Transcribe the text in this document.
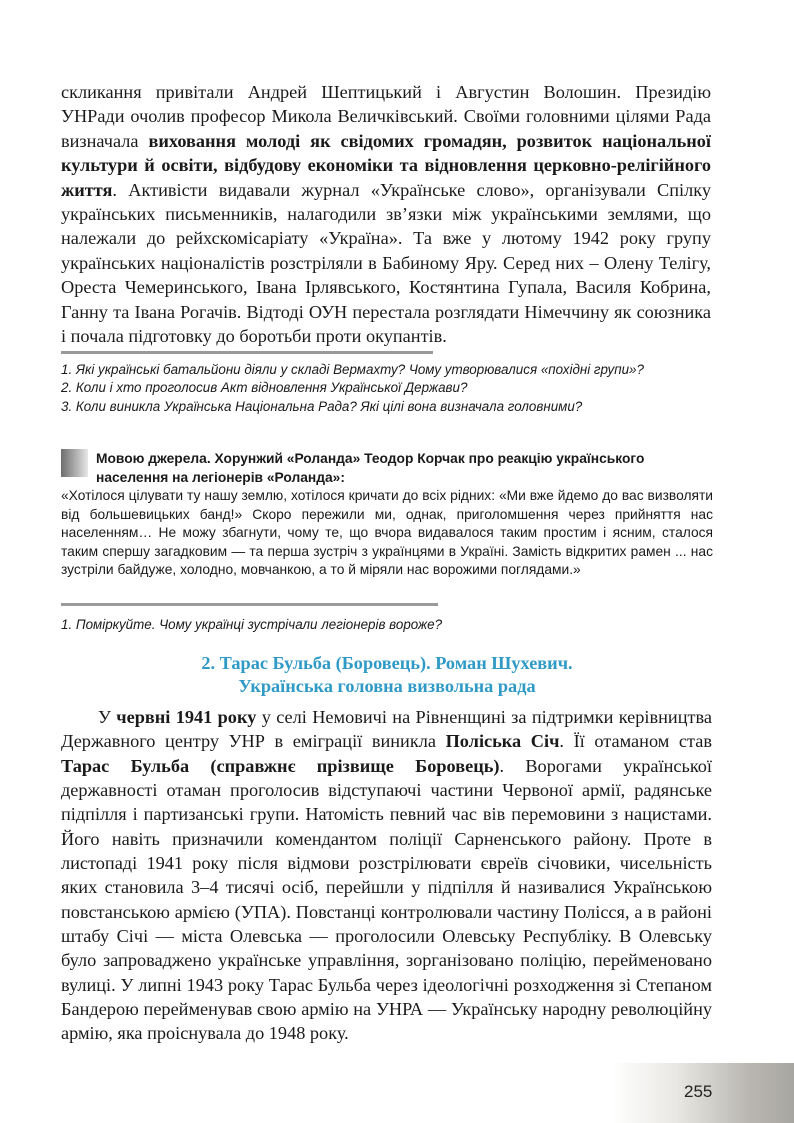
скликання привітали Андрей Шептицький і Августин Волошин. Президію УНРади очолив професор Микола Величківський. Своїми головними цілями Рада визначала виховання молоді як свідомих громадян, розвиток національної культури й освіти, відбудову економіки та відновлення церковно-релігійного життя. Активісти видавали журнал «Українське слово», організували Спілку українських письменників, налагодили зв’язки між українськими землями, що належали до рейхскомісаріату «Україна». Та вже у лютому 1942 року групу українських націоналістів розстріляли в Бабиному Яру. Серед них – Олену Телігу, Ореста Чемеринського, Івана Ірлявського, Костянтина Гупала, Василя Кобрина, Ганну та Івана Рогачів. Відтоді ОУН перестала розглядати Німеччину як союзника і почала підготовку до боротьби проти окупантів.

1. Які українські батальйони діяли у складі Вермахту? Чому утворювалися «похідні групи»?
2. Коли і хто проголосив Акт відновлення Української Держави?
3. Коли виникла Українська Національна Рада? Які цілі вона визначала головними?

Мовою джерела. Хорунжий «Роланда» Теодор Корчак про реакцію українського населення на легіонерів «Роланда»:

«Хотілося цілувати ту нашу землю, хотілося кричати до всіх рідних: «Ми вже йдемо до вас визволяти від большевицьких банд!» Скоро пережили ми, однак, приголомшення через прийняття нас населенням… Не можу збагнути, чому те, що вчора видавалося таким простим і ясним, сталося таким спершу загадковим — та перша зустріч з українцями в Україні. Замість відкритих рамен ... нас зустріли байдуже, холодно, мовчанкою, а то й міряли нас ворожими поглядами.»

1. Поміркуйте. Чому українці зустрічали легіонерів вороже?
2. Тарас Бульба (Боровець). Роман Шухевич.
Українська головна визвольна рада

У червні 1941 року у селі Немовичі на Рівненщині за підтримки керівництва Державного центру УНР в еміграції виникла Поліська Січ. Її отаманом став Тарас Бульба (справжнє прізвище Боровець). Ворогами української державності отаман проголосив відступаючі частини Червоної армії, радянське підпілля і партизанські групи. Натомість певний час вів перемовини з нацистами. Його навіть призначили комендантом поліції Сарненського району. Проте в листопаді 1941 року після відмови розстрілювати євреїв січовики, чисельність яких становила 3–4 тисячі осіб, перейшли у підпілля й називалися Українською повстанською армією (УПА). Повстанці контролювали частину Полісся, а в районі штабу Січі — міста Олевська — проголосили Олевську Республіку. В Олевську було запроваджено українське управління, зорганізовано поліцію, перейменовано вулиці. У липні 1943 року Тарас Бульба через ідеологічні розходження зі Степаном Бандерою перейменував свою армію на УНРА — Українську народну революційну армію, яка проіснувала до 1948 року.

255
